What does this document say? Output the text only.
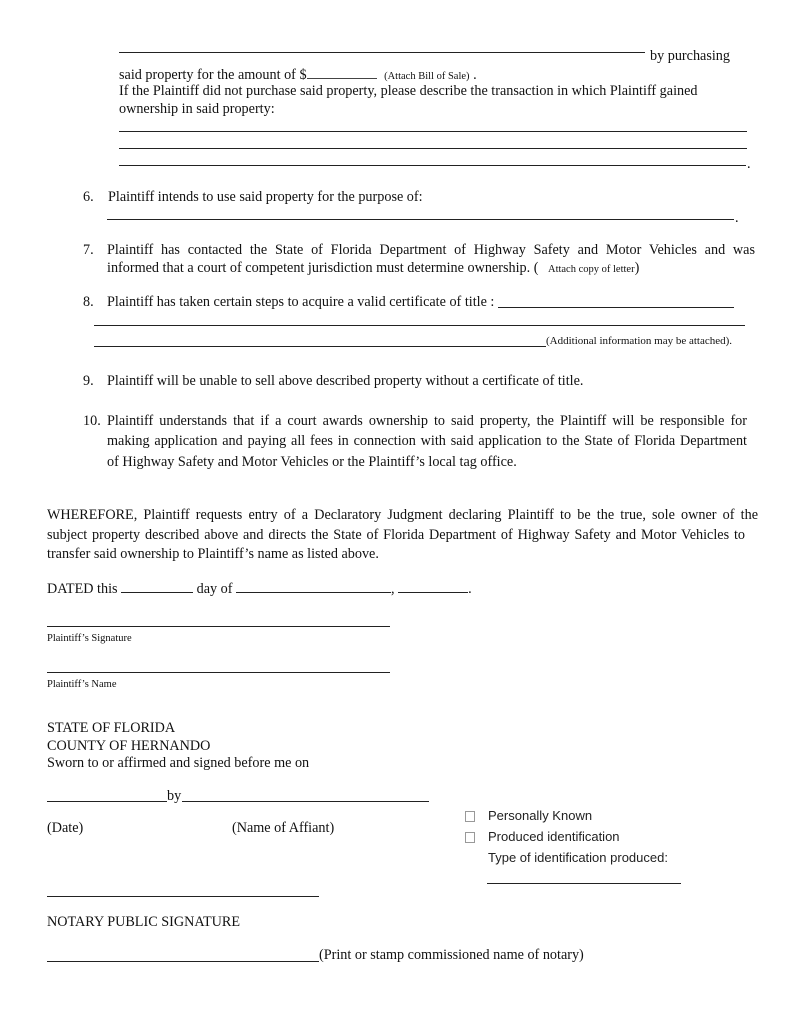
by purchasing
said property for the amount of $	(Attach Bill of Sale) .
If the Plaintiff did not purchase said property, please describe the transaction in which Plaintiff gained
ownership in said property:
.
6. Plaintiff intends to use said property for the purpose of:
.
7. Plaintiff has contacted the State of Florida Department of Highway Safety and Motor Vehicles and was
informed that a court of competent jurisdiction must determine ownership. ( Attach copy of letter)
8. Plaintiff has taken certain steps to acquire a valid certificate of title :
(Additional information may be attached).
9. Plaintiff will be unable to sell above described property without a certificate of title.
10. Plaintiff understands that if a court awards ownership to said property, the Plaintiff will be responsible for
making application and paying all fees in connection with said application to the State of Florida Department
of Highway Safety and Motor Vehicles or the Plaintiff’s local tag office.
WHEREFORE, Plaintiff requests entry of a Declaratory Judgment declaring Plaintiff to be the true, sole owner of the
subject property described above and directs the State of Florida Department of Highway Safety and Motor Vehicles to
transfer said ownership to Plaintiff’s name as listed above.
DATED this	day of	,	.
Plaintiff’s Signature
Plaintiff’s Name
STATE OF FLORIDA
COUNTY OF HERNANDO
Sworn to or affirmed and signed before me on
by
(Date)	(Name of Affiant)
Personally Known
Produced identification
Type of identification produced:
NOTARY PUBLIC SIGNATURE
(Print or stamp commissioned name of notary)
